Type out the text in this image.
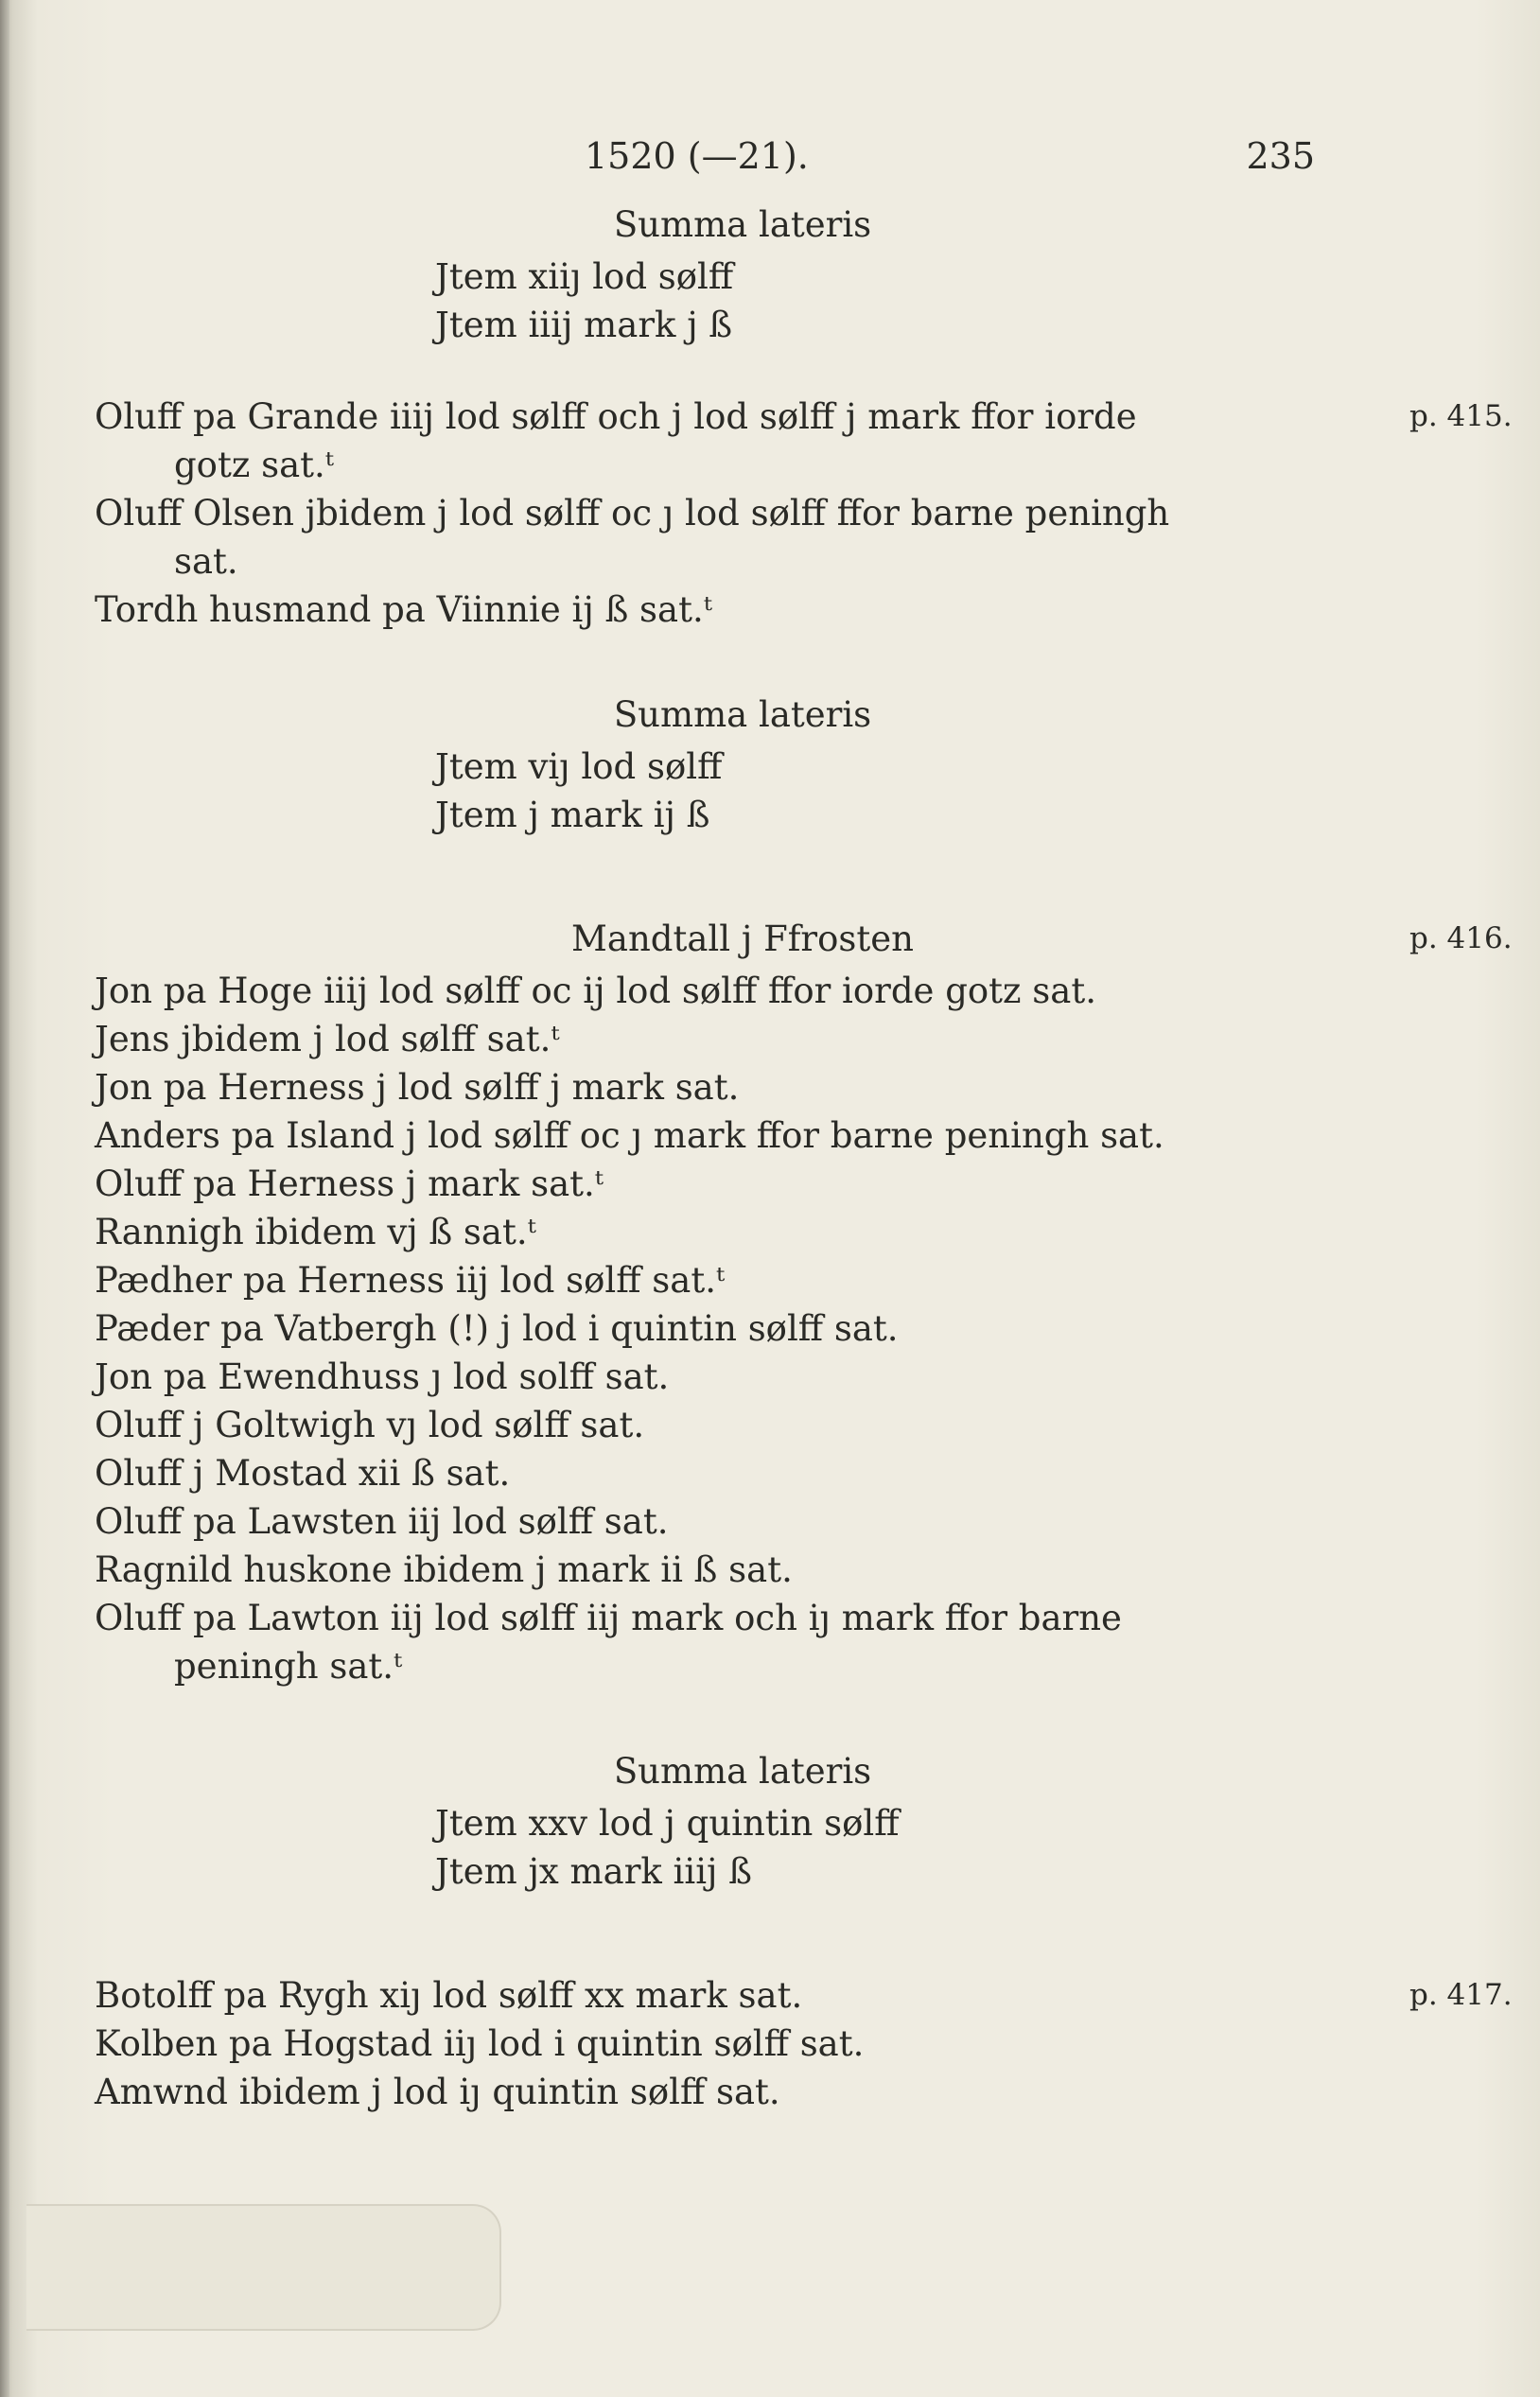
1520 (—21).	235

Summa lateris

Jtem xiiȷ lod sølff

Jtem iiij mark j ß

p. 415.

Oluff pa Grande iiij lod sølff och j lod sølff j mark ffor iorde
gotz sat.ᵗ

Oluff Olsen jbidem j lod sølff oc ȷ lod sølff ffor barne peningh
sat.

Tordh husmand pa Viinnie ij ß sat.ᵗ

Summa lateris

Jtem viȷ lod sølff

Jtem j mark ij ß

p. 416.

Mandtall j Ffrosten

Jon pa Hoge iiij lod sølff oc ij lod sølff ffor iorde gotz sat.

Jens jbidem j lod sølff sat.ᵗ

Jon pa Herness j lod sølff j mark sat.

Anders pa Island j lod sølff oc ȷ mark ffor barne peningh sat.

Oluff pa Herness j mark sat.ᵗ

Rannigh ibidem vj ß sat.ᵗ

Pædher pa Herness iij lod sølff sat.ᵗ

Pæder pa Vatbergh (!) j lod i quintin sølff sat.

Jon pa Ewendhuss ȷ lod solff sat.

Oluff j Goltwigh vȷ lod sølff sat.

Oluff j Mostad xii ß sat.

Oluff pa Lawsten iij lod sølff sat.

Ragnild huskone ibidem j mark ii ß sat.

Oluff pa Lawton iij lod sølff iij mark och iȷ mark ffor barne
peningh sat.ᵗ

Summa lateris

Jtem xxv lod j quintin sølff

Jtem jx mark iiij ß

p. 417.

Botolff pa Rygh xiȷ lod sølff xx mark sat.

Kolben pa Hogstad iiȷ lod i quintin sølff sat.

Amwnd ibidem j lod iȷ quintin sølff sat.
